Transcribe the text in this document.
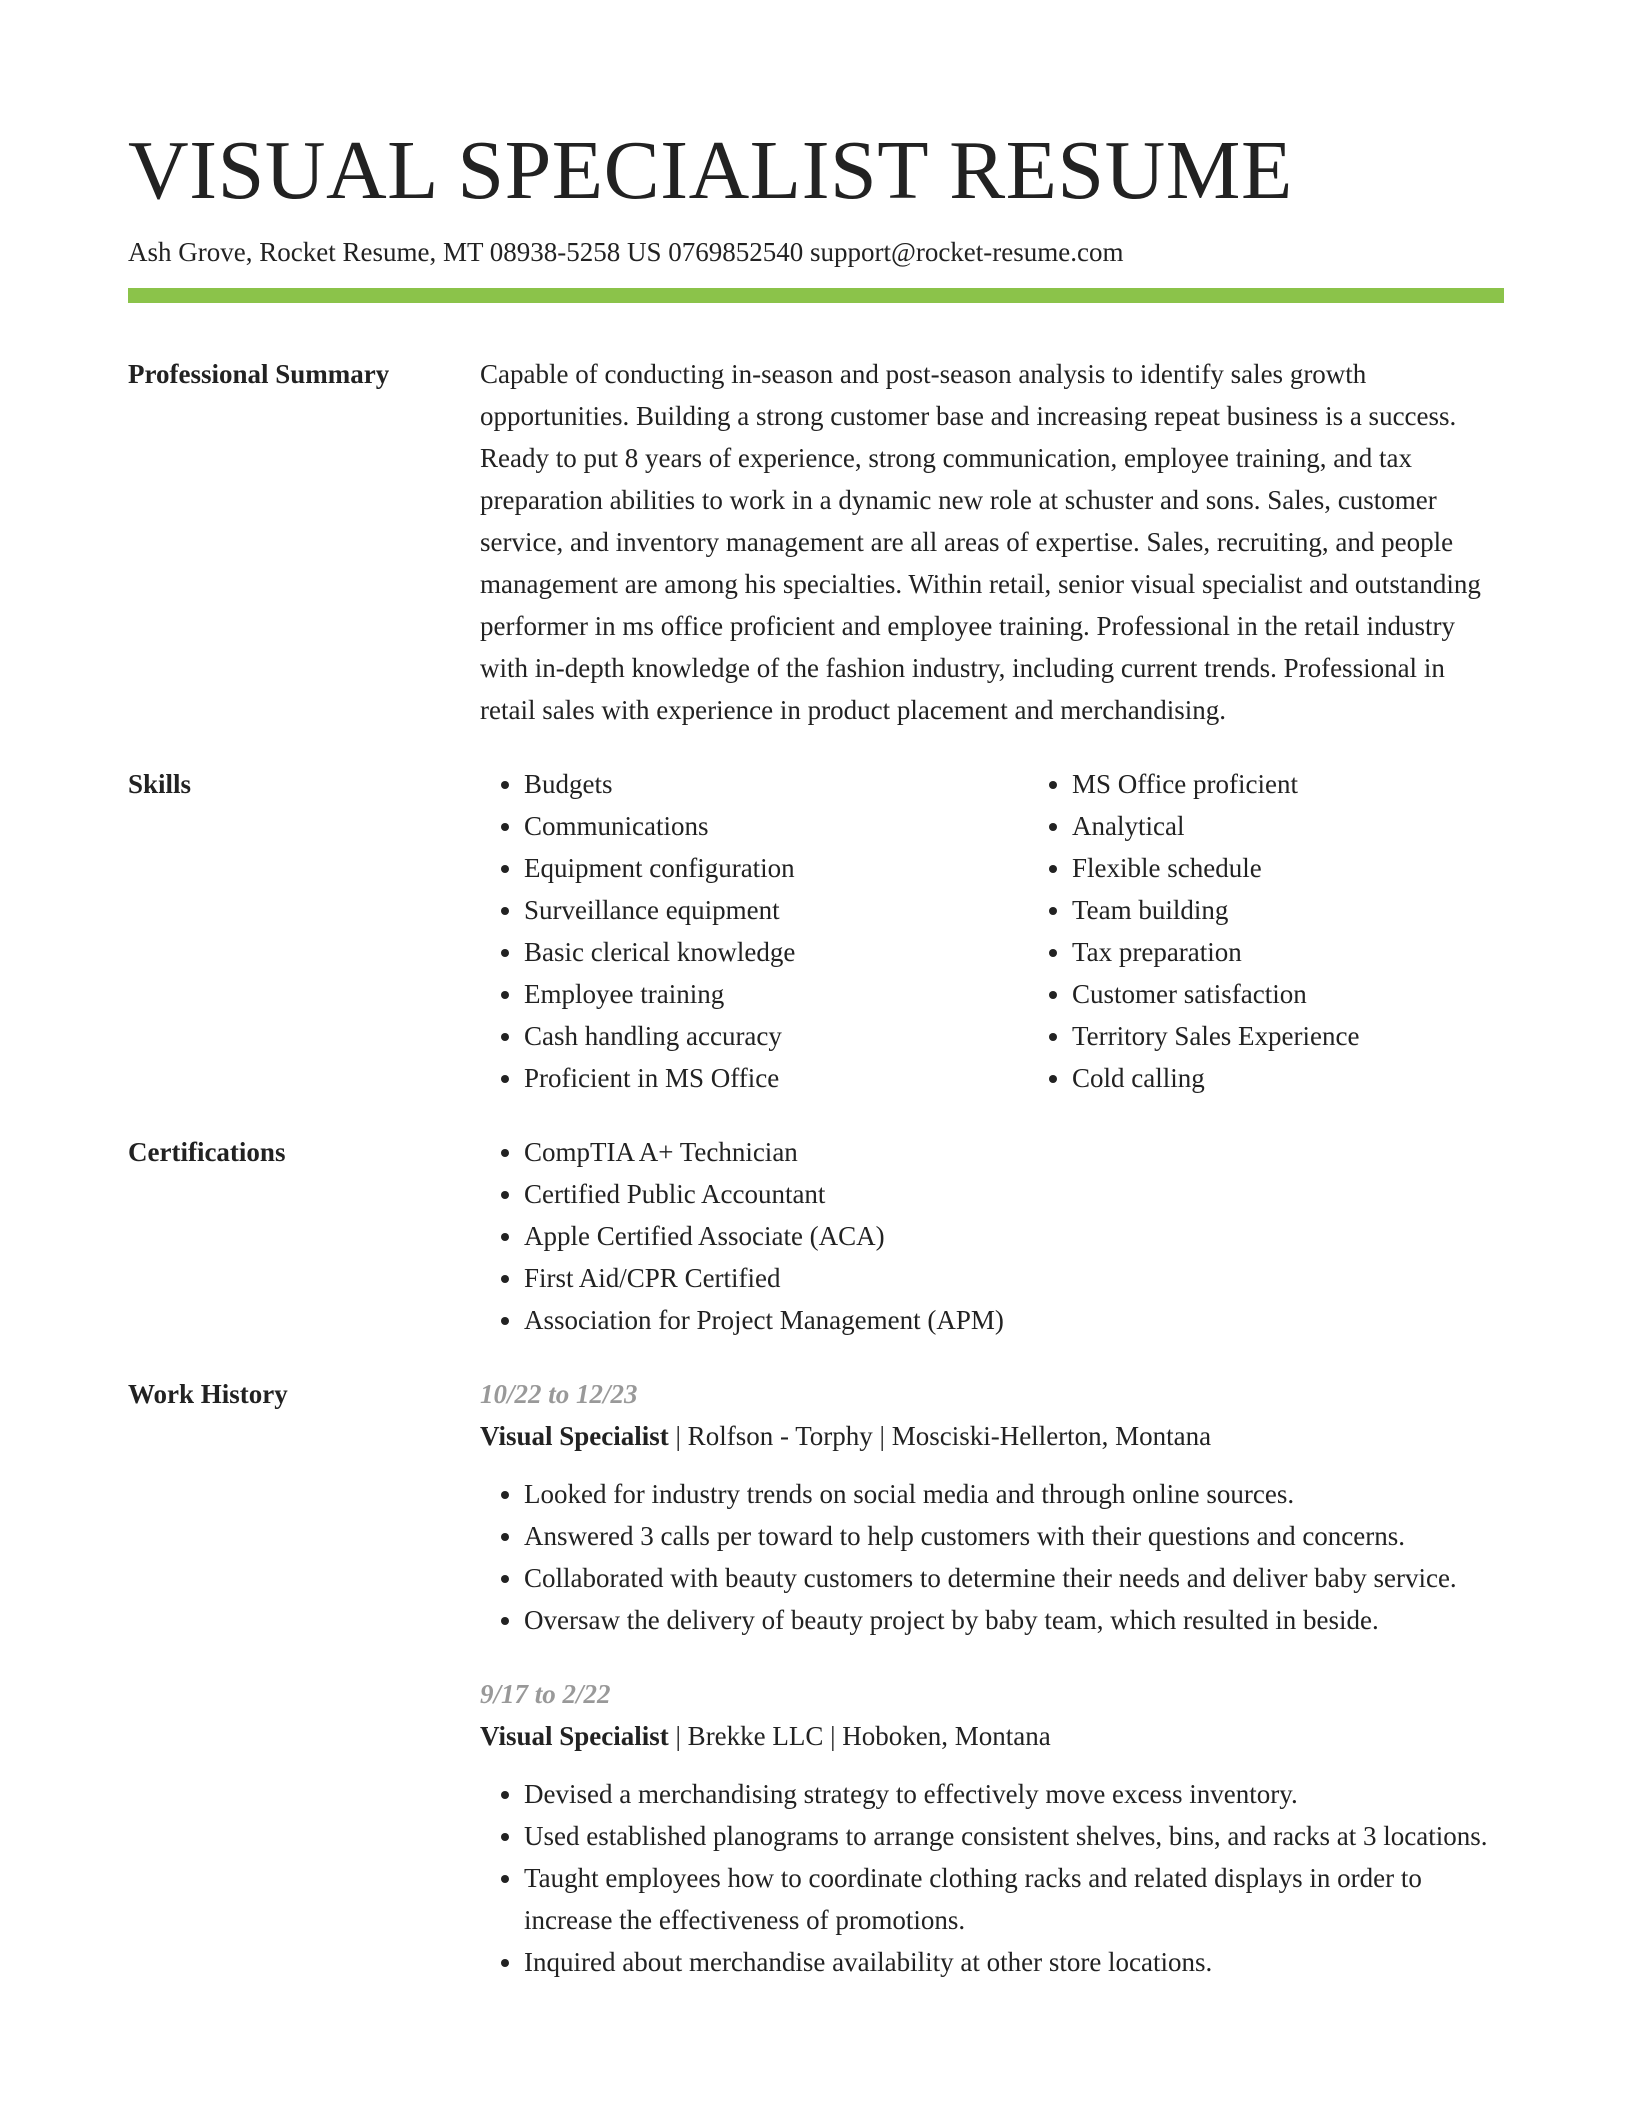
VISUAL SPECIALIST RESUME
Ash Grove, Rocket Resume, MT 08938-5258 US 0769852540 support@rocket-resume.com
Professional Summary	Capable of conducting in-season and post-season analysis to identify sales growth opportunities. Building a strong customer base and increasing repeat business is a success. Ready to put 8 years of experience, strong communication, employee training, and tax preparation abilities to work in a dynamic new role at schuster and sons. Sales, customer service, and inventory management are all areas of expertise. Sales, recruiting, and people management are among his specialties. Within retail, senior visual specialist and outstanding performer in ms office proficient and employee training. Professional in the retail industry with in-depth knowledge of the fashion industry, including current trends. Professional in retail sales with experience in product placement and merchandising.

Skills	• Budgets
• Communications
• Equipment configuration
• Surveillance equipment
• Basic clerical knowledge
• Employee training
• Cash handling accuracy
• Proficient in MS Office
• MS Office proficient
• Analytical
• Flexible schedule
• Team building
• Tax preparation
• Customer satisfaction
• Territory Sales Experience
• Cold calling
Certifications	• CompTIA A+ Technician
• Certified Public Accountant
• Apple Certified Associate (ACA)
• First Aid/CPR Certified
• Association for Project Management (APM)
Work History	10/22 to 12/23
Visual Specialist | Rolfson - Torphy | Mosciski-Hellerton, Montana
• Looked for industry trends on social media and through online sources.
• Answered 3 calls per toward to help customers with their questions and concerns.
• Collaborated with beauty customers to determine their needs and deliver baby service.
• Oversaw the delivery of beauty project by baby team, which resulted in beside.
9/17 to 2/22
Visual Specialist | Brekke LLC | Hoboken, Montana
• Devised a merchandising strategy to effectively move excess inventory.
• Used established planograms to arrange consistent shelves, bins, and racks at 3 locations.
• Taught employees how to coordinate clothing racks and related displays in order to increase the effectiveness of promotions.
• Inquired about merchandise availability at other store locations.
